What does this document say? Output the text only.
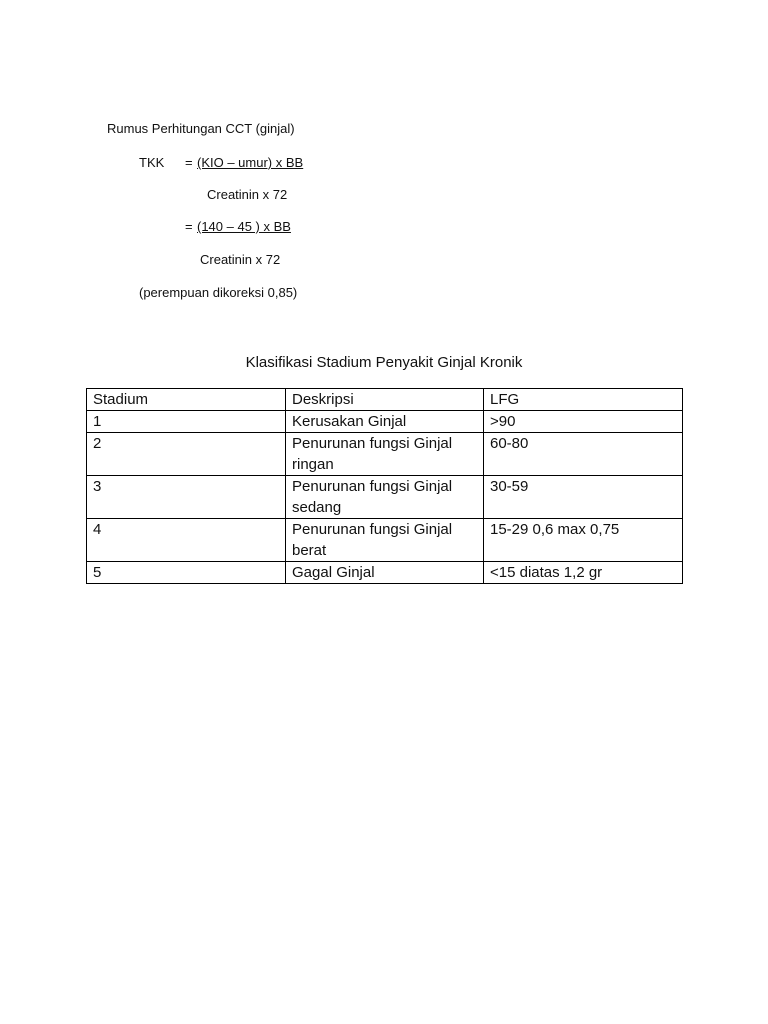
Rumus Perhitungan CCT (ginjal)
TKK = (KIO – umur) x BB
Creatinin x 72
= (140 – 45 ) x BB
Creatinin x 72
(perempuan dikoreksi 0,85)
Klasifikasi Stadium Penyakit Ginjal Kronik
Stadium	Deskripsi	LFG
1	Kerusakan Ginjal	>90
2	Penurunan fungsi Ginjal ringan	60-80
3	Penurunan fungsi Ginjal sedang	30-59
4	Penurunan fungsi Ginjal berat	15-29 0,6 max 0,75
5	Gagal Ginjal	<15 diatas 1,2 gr
